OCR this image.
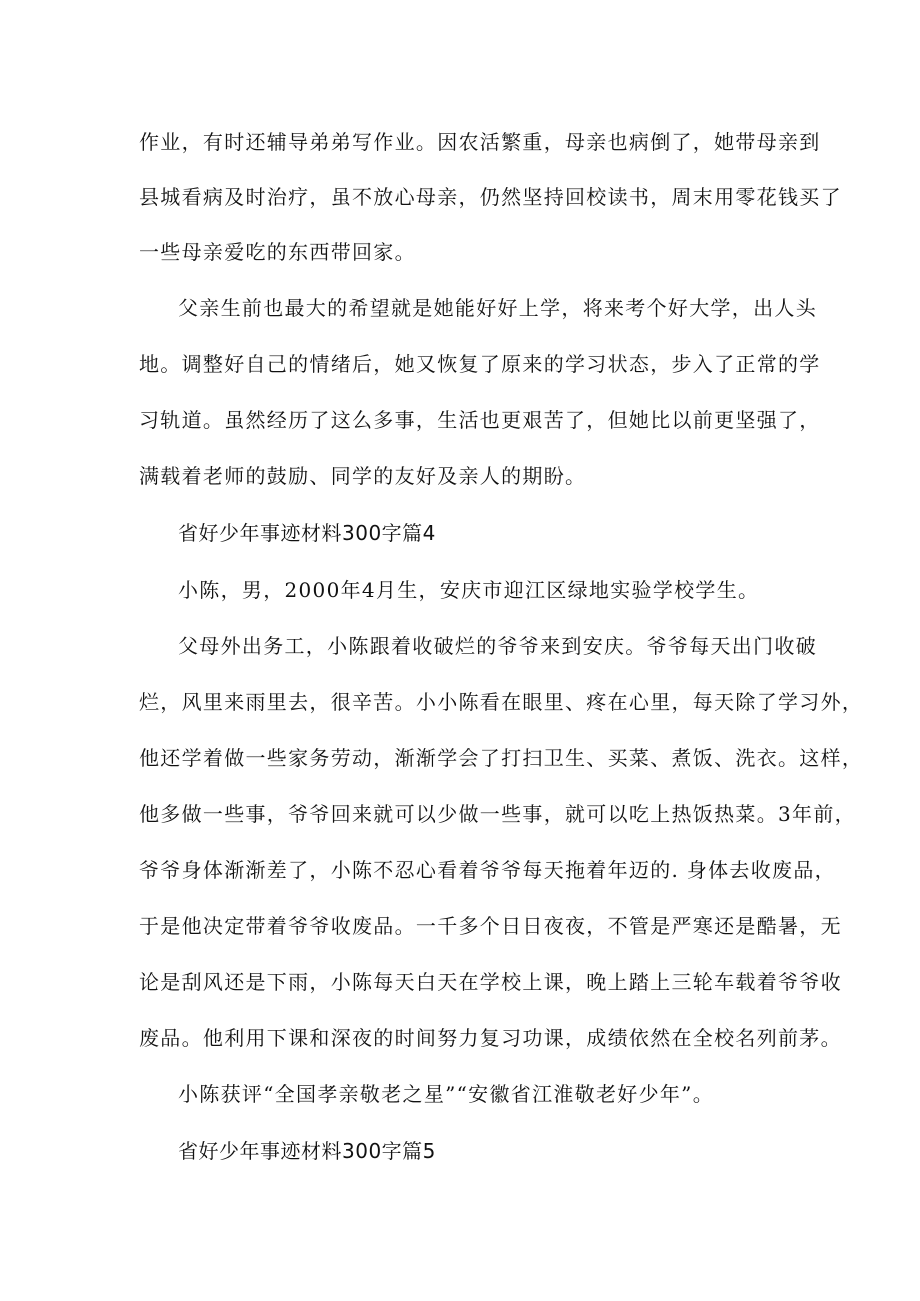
作业，有时还辅导弟弟写作业。因农活繁重，母亲也病倒了，她带母亲到
县城看病及时治疗，虽不放心母亲，仍然坚持回校读书，周末用零花钱买了
一些母亲爱吃的东西带回家。
父亲生前也最大的希望就是她能好好上学，将来考个好大学，出人头
地。调整好自己的情绪后，她又恢复了原来的学习状态，步入了正常的学
习轨道。虽然经历了这么多事，生活也更艰苦了，但她比以前更坚强了，
满载着老师的鼓励、同学的友好及亲人的期盼。
省好少年事迹材料300字篇4
小陈，男，2000年4月生，安庆市迎江区绿地实验学校学生。
父母外出务工，小陈跟着收破烂的爷爷来到安庆。爷爷每天出门收破
烂，风里来雨里去，很辛苦。小小陈看在眼里、疼在心里，每天除了学习外，
他还学着做一些家务劳动，渐渐学会了打扫卫生、买菜、煮饭、洗衣。这样，
他多做一些事，爷爷回来就可以少做一些事，就可以吃上热饭热菜。3年前，
爷爷身体渐渐差了，小陈不忍心看着爷爷每天拖着年迈的. 身体去收废品，
于是他决定带着爷爷收废品。一千多个日日夜夜，不管是严寒还是酷暑，无
论是刮风还是下雨，小陈每天白天在学校上课，晚上踏上三轮车载着爷爷收
废品。他利用下课和深夜的时间努力复习功课，成绩依然在全校名列前茅。
小陈获评“全国孝亲敬老之星”“安徽省江淮敬老好少年”。
省好少年事迹材料300字篇5
